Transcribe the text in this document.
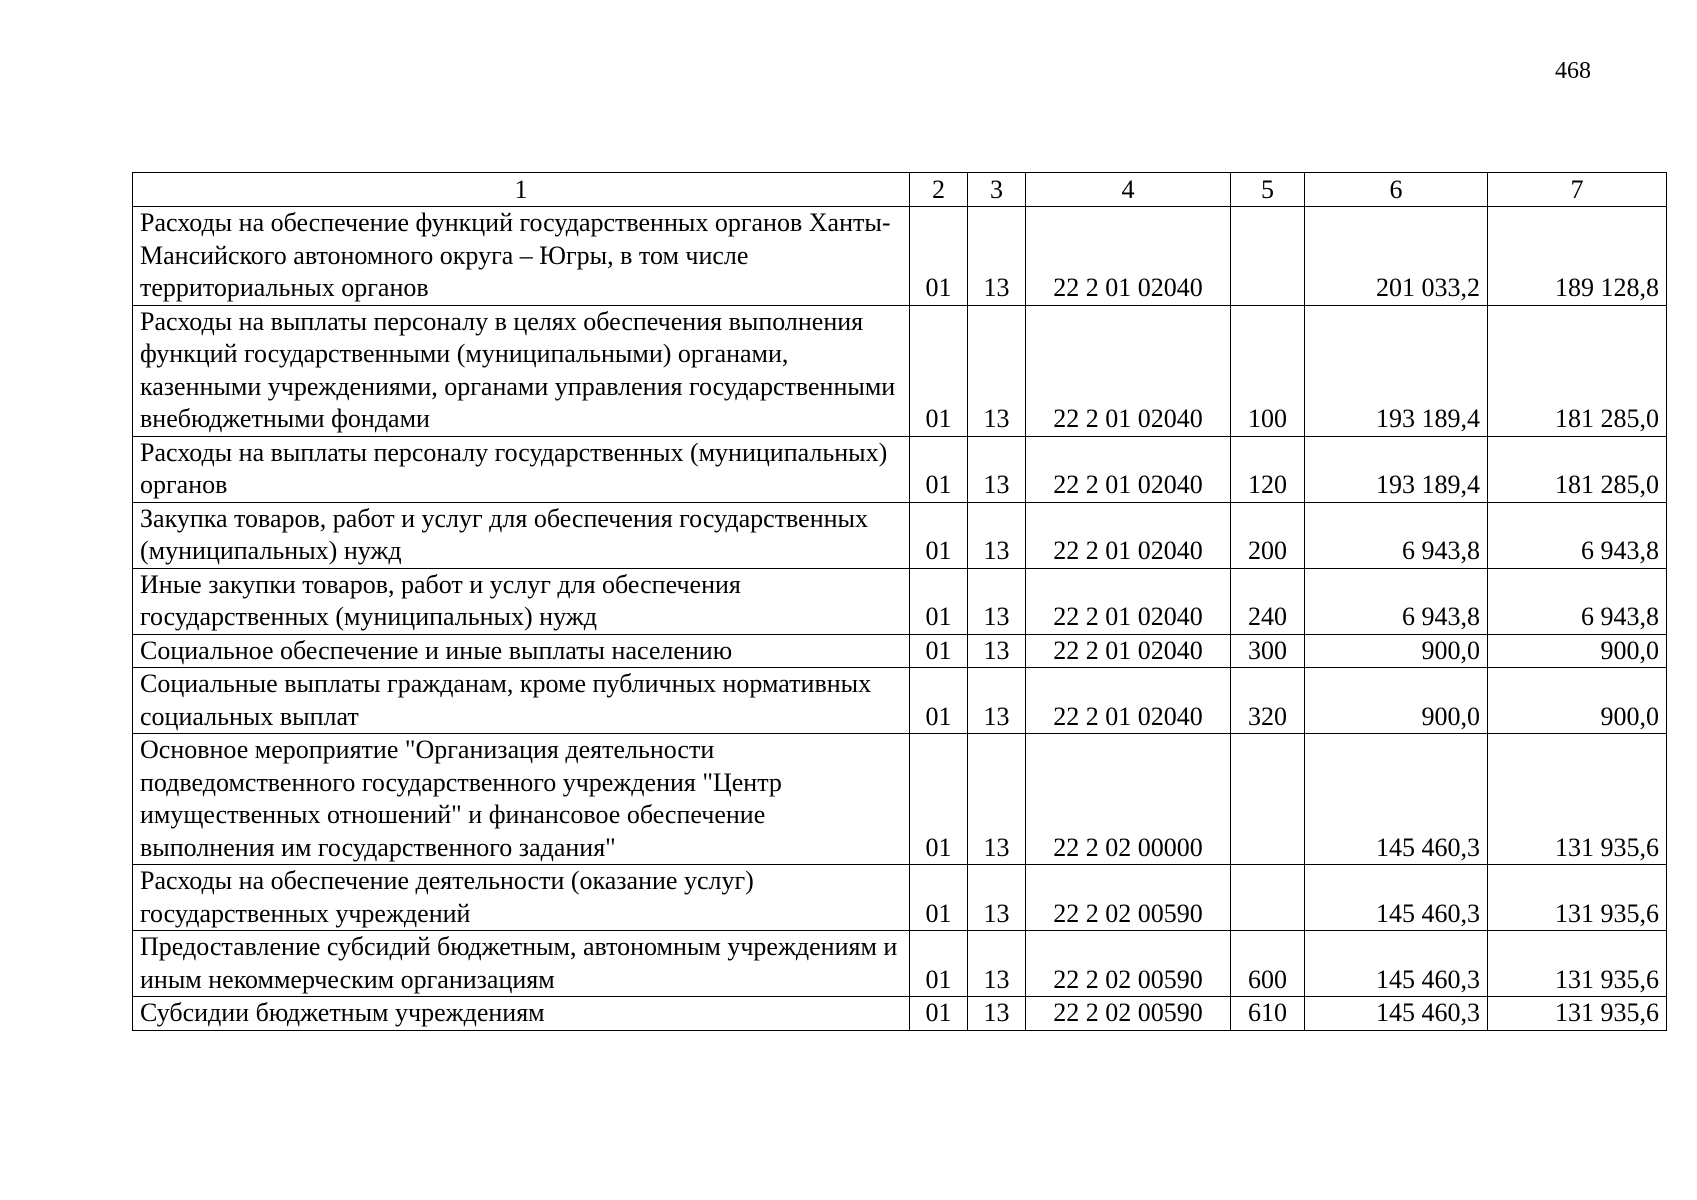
468
1	2	3	4	5	6	7
Расходы на обеспечение функций государственных органов Ханты-Мансийского автономного округа – Югры, в том числе территориальных органов	01	13	22 2 01 02040		201 033,2	189 128,8
Расходы на выплаты персоналу в целях обеспечения выполнения функций государственными (муниципальными) органами, казенными учреждениями, органами управления государственными внебюджетными фондами	01	13	22 2 01 02040	100	193 189,4	181 285,0
Расходы на выплаты персоналу государственных (муниципальных) органов	01	13	22 2 01 02040	120	193 189,4	181 285,0
Закупка товаров, работ и услуг для обеспечения государственных (муниципальных) нужд	01	13	22 2 01 02040	200	6 943,8	6 943,8
Иные закупки товаров, работ и услуг для обеспечения государственных (муниципальных) нужд	01	13	22 2 01 02040	240	6 943,8	6 943,8
Социальное обеспечение и иные выплаты населению	01	13	22 2 01 02040	300	900,0	900,0
Социальные выплаты гражданам, кроме публичных нормативных социальных выплат	01	13	22 2 01 02040	320	900,0	900,0
Основное мероприятие "Организация деятельности подведомственного государственного учреждения "Центр имущественных отношений" и финансовое обеспечение выполнения им государственного задания"	01	13	22 2 02 00000		145 460,3	131 935,6
Расходы на обеспечение деятельности (оказание услуг) государственных учреждений	01	13	22 2 02 00590		145 460,3	131 935,6
Предоставление субсидий бюджетным, автономным учреждениям и иным некоммерческим организациям	01	13	22 2 02 00590	600	145 460,3	131 935,6
Субсидии бюджетным учреждениям	01	13	22 2 02 00590	610	145 460,3	131 935,6
